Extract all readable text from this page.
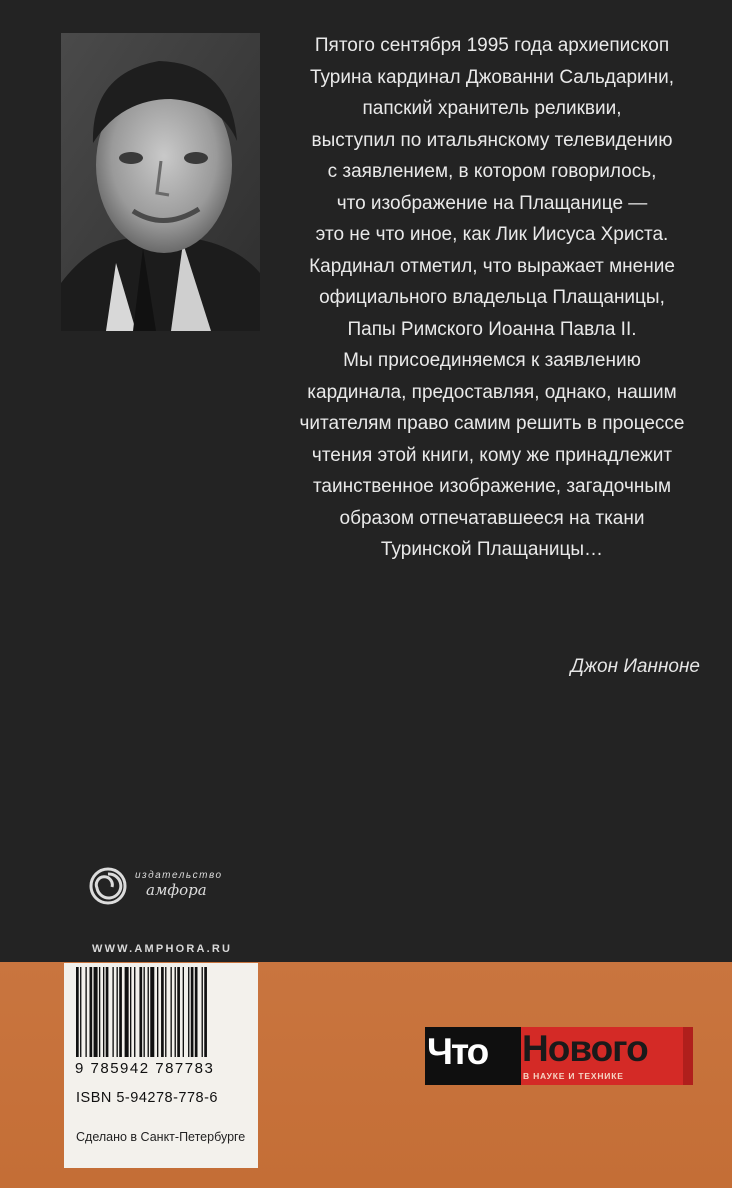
Пятого сентября 1995 года архиепископ
Турина кардинал Джованни Сальдарини,
папский хранитель реликвии,
выступил по итальянскому телевидению
с заявлением, в котором говорилось,
что изображение на Плащанице —
это не что иное, как Лик Иисуса Христа.
Кардинал отметил, что выражает мнение
официального владельца Плащаницы,
Папы Римского Иоанна Павла II.
Мы присоединяемся к заявлению
кардинала, предоставляя, однако, нашим
читателям право самим решить в процессе
чтения этой книги, кому же принадлежит
таинственное изображение, загадочным
образом отпечатавшееся на ткани
Туринской Плащаницы…
Джон Ианноне
издательство
амфора
WWW.AMPHORA.RU
9 785942 787783
ISBN 5-94278-778-6
Сделано в Санкт-Петербурге
Что Нового
В НАУКЕ И ТЕХНИКЕ
